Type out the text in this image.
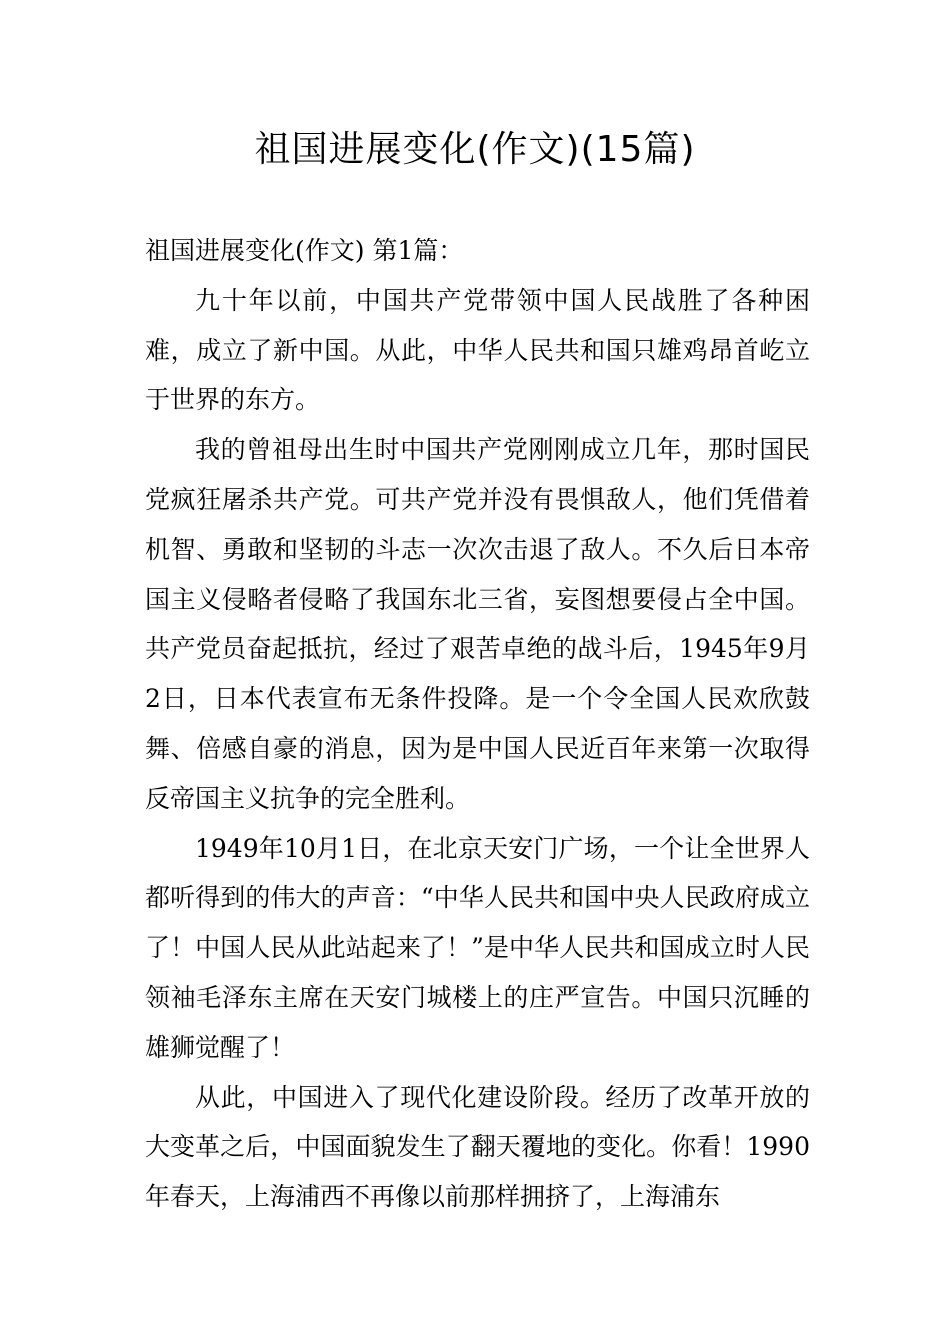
祖国进展变化(作文)(15篇)

祖国进展变化(作文) 第1篇：

九十年以前，中国共产党带领中国人民战胜了各种困难，成立了新中国。从此，中华人民共和国只雄鸡昂首屹立于世界的东方。

我的曾祖母出生时中国共产党刚刚成立几年，那时国民党疯狂屠杀共产党。可共产党并没有畏惧敌人，他们凭借着机智、勇敢和坚韧的斗志一次次击退了敌人。不久后日本帝国主义侵略者侵略了我国东北三省，妄图想要侵占全中国。共产党员奋起抵抗，经过了艰苦卓绝的战斗后，1945年9月2日，日本代表宣布无条件投降。是一个令全国人民欢欣鼓舞、倍感自豪的消息，因为是中国人民近百年来第一次取得反帝国主义抗争的完全胜利。

1949年10月1日，在北京天安门广场，一个让全世界人都听得到的伟大的声音：“中华人民共和国中央人民政府成立了！中国人民从此站起来了！”是中华人民共和国成立时人民领袖毛泽东主席在天安门城楼上的庄严宣告。中国只沉睡的雄狮觉醒了！

从此，中国进入了现代化建设阶段。经历了改革开放的大变革之后，中国面貌发生了翻天覆地的变化。你看！1990年春天，上海浦西不再像以前那样拥挤了，上海浦东
